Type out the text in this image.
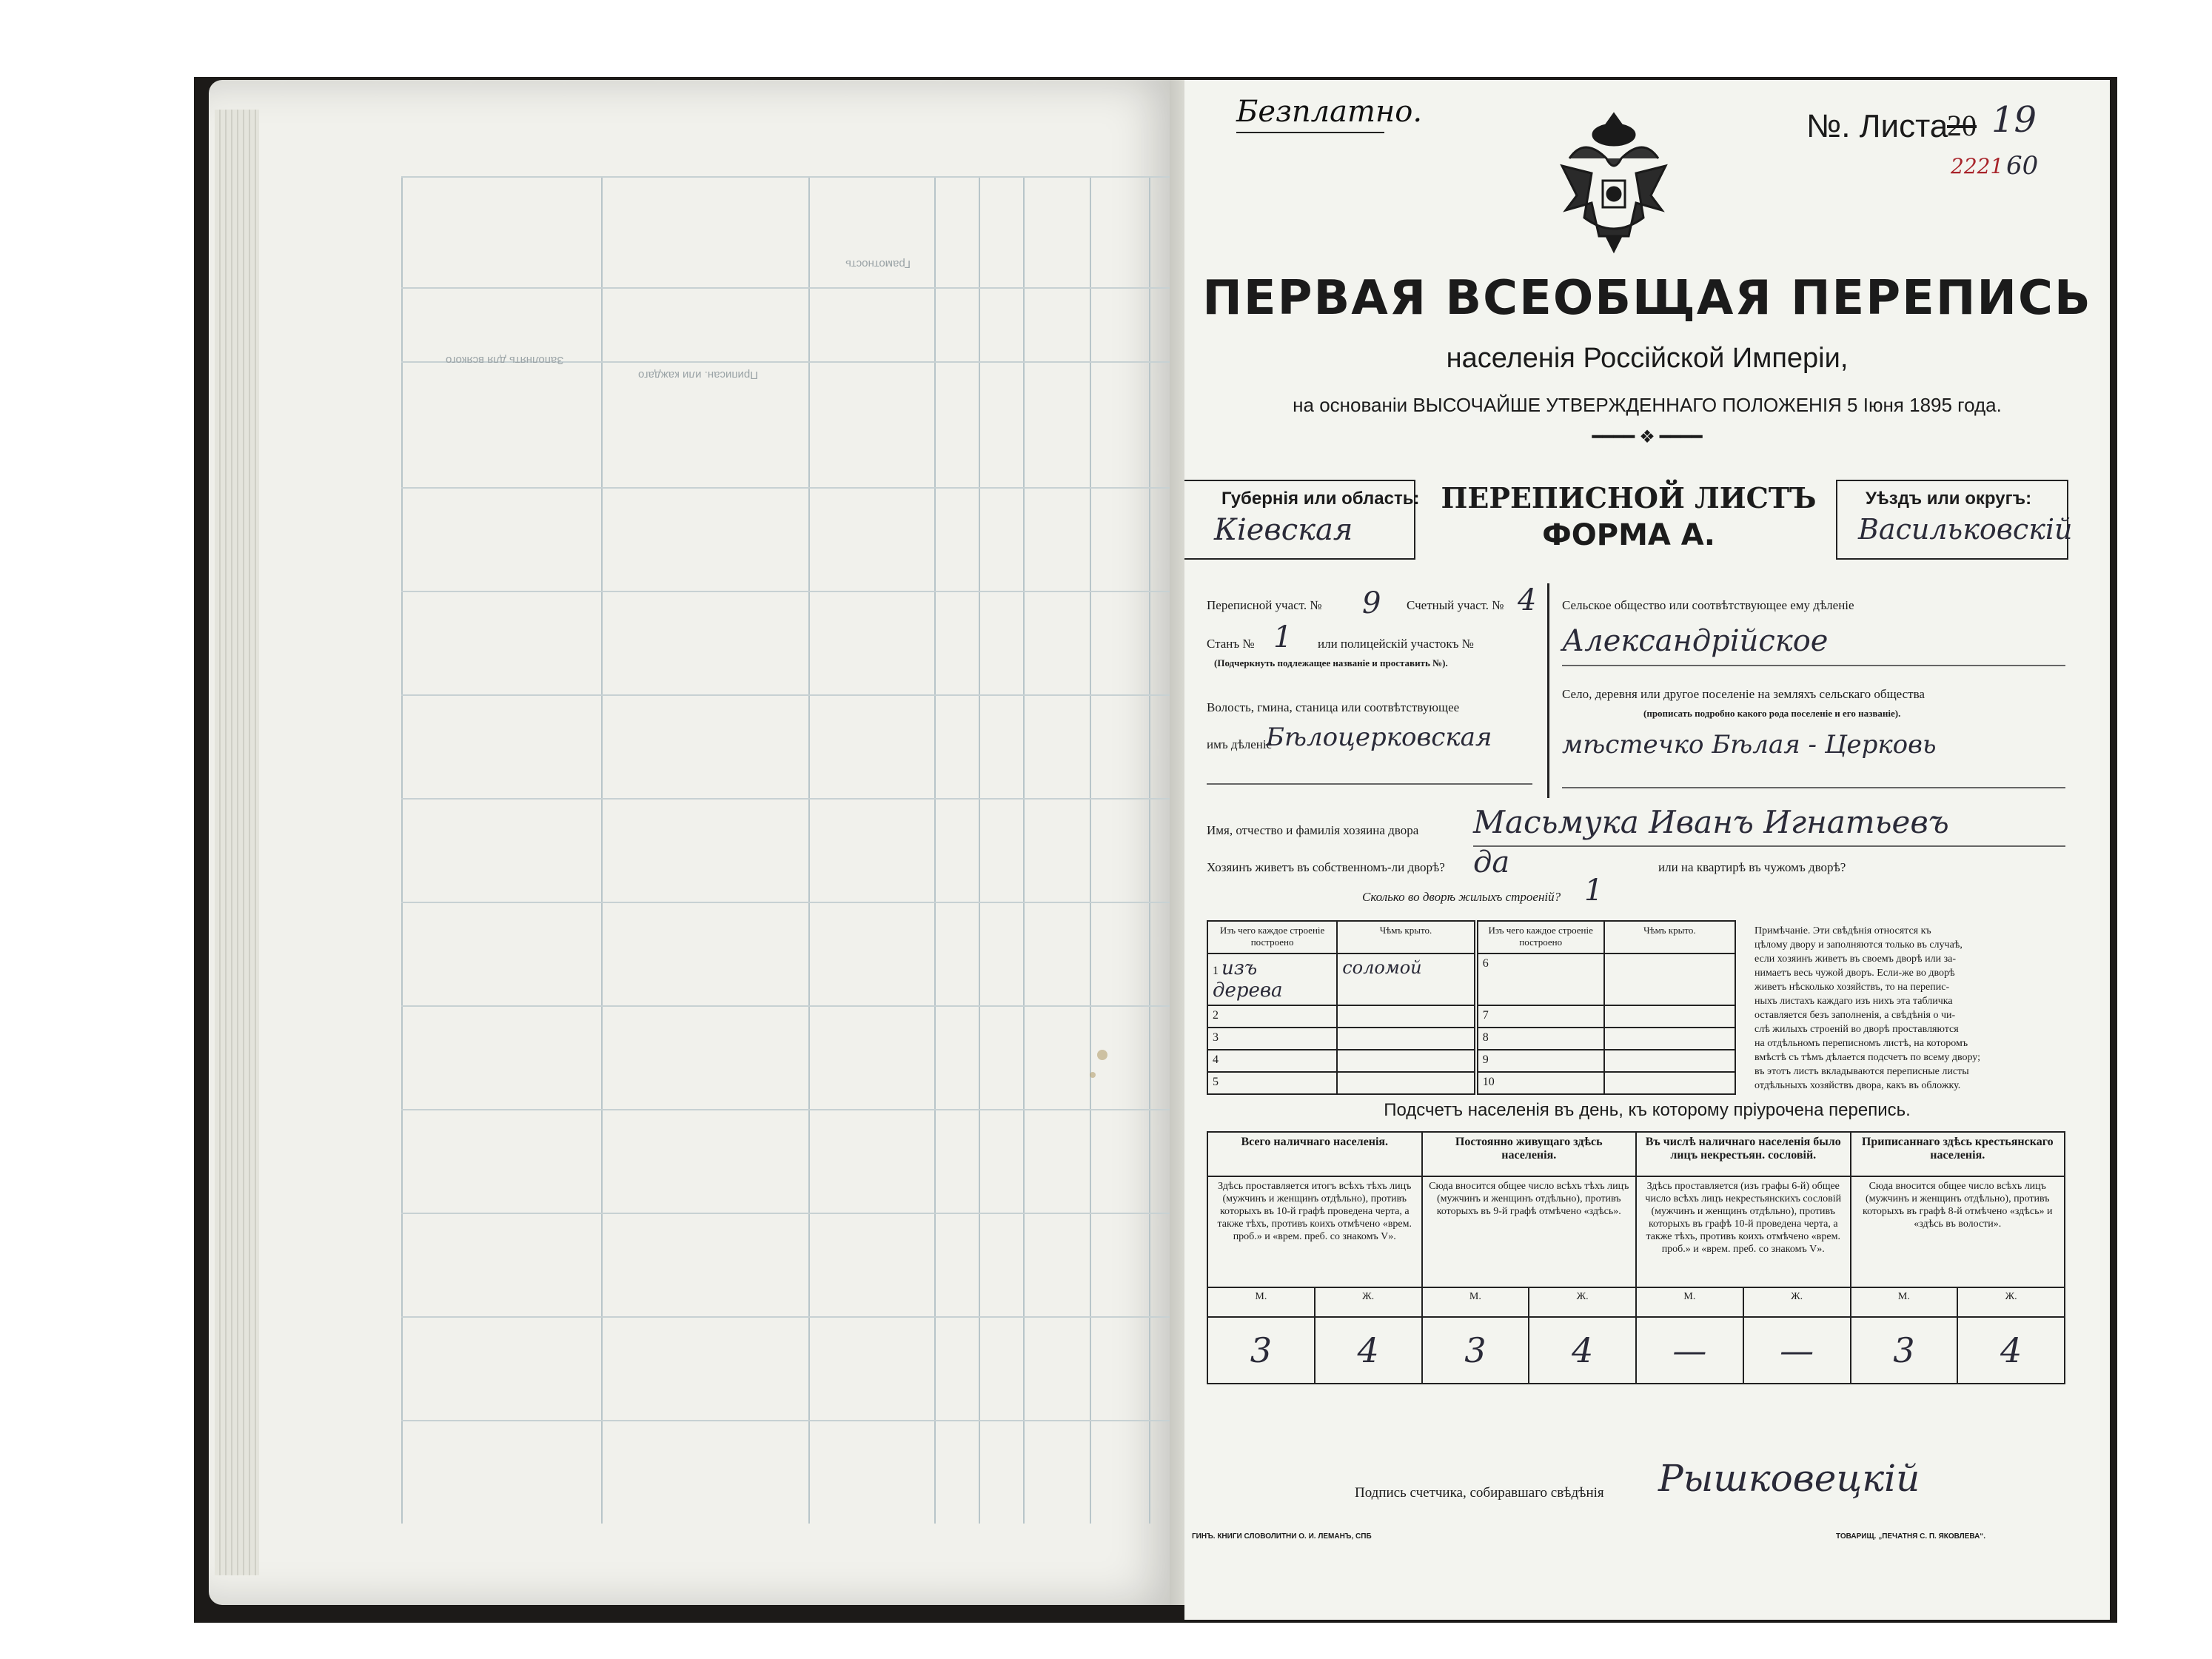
Заполнять для всякого
Приписан. или каждаго
Грамотность
Безплатно.	№. Листа
20 19
2221 60
ПЕРВАЯ ВСЕОБЩАЯ ПЕРЕПИСЬ
населенія Россійской Имперіи,
на основаніи ВЫСОЧАЙШЕ УТВЕРЖДЕННАГО ПОЛОЖЕНІЯ 5 Іюня 1895 года.
━━━━ ❖ ━━━━
Губернія или область:
Кіевская
ПЕРЕПИСНОЙ ЛИСТЪ
ФОРМА А.
Уѣздъ или округъ:
Васильковскій
Переписной участ. № 9 Счетный участ. № 4
Станъ № 1 или полицейскій участокъ №
(Подчеркнуть подлежащее названіе и проставить №).
Волость, гмина, станица или соотвѣтствующее
имъ дѣленіе
Бѣлоцерковская
Сельское общество или соотвѣтствующее ему дѣленіе
Александрійское
Село, деревня или другое поселеніе на земляхъ сельскаго общества
(прописать подробно какого рода поселеніе и его названіе).
мѣстечко Бѣлая - Церковь
Имя, отчество и фамилія хозяина двора Масьмука Иванъ Игнатьевъ
Хозяинъ живетъ въ собственномъ-ли дворѣ? да	или на квартирѣ въ чужомъ дворѣ?
Сколько во дворѣ жилыхъ строеній? 1
Изъ чего каждое строеніе построено	Чѣмъ крыто.	Изъ чего каждое строеніе построено	Чѣмъ крыто.
1 изъ дерева	соломой	6	
2		7	
3		8	
4		9	
5		10	
Примѣчаніе. Эти свѣдѣнія относятся къ
цѣлому двору и заполняются только въ случаѣ,
если хозяинъ живетъ въ своемъ дворѣ или за-
нимаетъ весь чужой дворъ. Если-же во дворѣ
живетъ нѣсколько хозяйствъ, то на перепис-
ныхъ листахъ каждаго изъ нихъ эта табличка
оставляется безъ заполненія, а свѣдѣнія о чи-
слѣ жилыхъ строеній во дворѣ проставляются
на отдѣльномъ переписномъ листѣ, на которомъ
вмѣстѣ съ тѣмъ дѣлается подсчетъ по всему двору;
въ этотъ листъ вкладываются переписные листы
отдѣльныхъ хозяйствъ двора, какъ въ обложку.
Подсчетъ населенія въ день, къ которому пріурочена перепись.
Всего наличнаго населенія.		Постоянно живущаго здѣсь населенія.		Въ числѣ наличнаго населенія было лицъ некрестьян. сословій.		Приписаннаго здѣсь крестьянскаго населенія.	
Здѣсь проставляется итогъ всѣхъ тѣхъ лицъ (мужчинъ и женщинъ отдѣльно), противъ которыхъ въ 10-й графѣ проведена черта, а также тѣхъ, противъ коихъ отмѣчено «врем. проб.» и «врем. преб. со знакомъ V».		Сюда вносится общее число всѣхъ тѣхъ лицъ (мужчинъ и женщинъ отдѣльно), противъ которыхъ въ 9-й графѣ отмѣчено «здѣсь».		Здѣсь проставляется (изъ графы 6-й) общее число всѣхъ лицъ некрестьянскихъ сословій (мужчинъ и женщинъ отдѣльно), противъ которыхъ въ графѣ 10-й проведена черта, а также тѣхъ, противъ коихъ отмѣчено «врем. проб.» и «врем. преб. со знакомъ V».		Сюда вносится общее число всѣхъ лицъ (мужчинъ и женщинъ отдѣльно), противъ которыхъ въ графѣ 8-й отмѣчено «здѣсь» и «здѣсь въ волости».	
М.	Ж.	М.	Ж.	М.	Ж.	М.	Ж.
3	4	3	4	—	—	3	4
Подпись счетчика, собиравшаго свѣдѣнія Рышковецкій
ГИНЪ. КНИГИ СЛОВОЛИТНИ О. И. ЛЕМАНЪ, СПБ	ТОВАРИЩ. „ПЕЧАТНЯ С. П. ЯКОВЛЕВА“.
